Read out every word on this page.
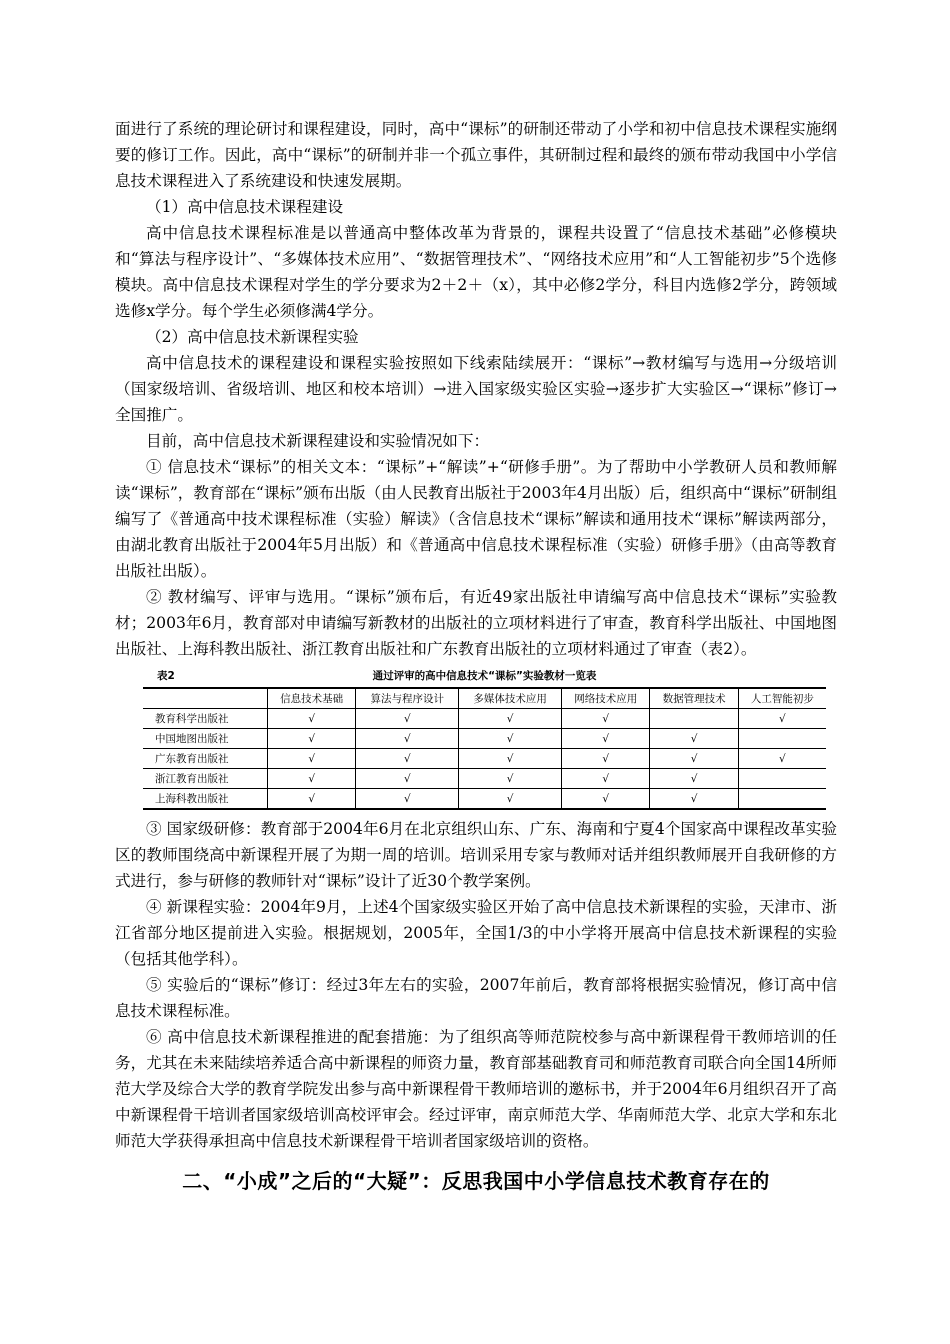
面进行了系统的理论研讨和课程建设，同时，高中“课标”的研制还带动了小学和初中信息技术课程实施纲要的修订工作。因此，高中“课标”的研制并非一个孤立事件，其研制过程和最终的颁布带动我国中小学信息技术课程进入了系统建设和快速发展期。

（1）高中信息技术课程建设

高中信息技术课程标准是以普通高中整体改革为背景的，课程共设置了“信息技术基础”必修模块和“算法与程序设计”、“多媒体技术应用”、“数据管理技术”、“网络技术应用”和“人工智能初步”5个选修模块。高中信息技术课程对学生的学分要求为2＋2＋（x），其中必修2学分，科目内选修2学分，跨领域选修x学分。每个学生必须修满4学分。

（2）高中信息技术新课程实验

高中信息技术的课程建设和课程实验按照如下线索陆续展开：“课标”→教材编写与选用→分级培训（国家级培训、省级培训、地区和校本培训）→进入国家级实验区实验→逐步扩大实验区→“课标”修订→全国推广。

目前，高中信息技术新课程建设和实验情况如下：

① 信息技术“课标”的相关文本：“课标”+“解读”+“研修手册”。为了帮助中小学教研人员和教师解读“课标”，教育部在“课标”颁布出版（由人民教育出版社于2003年4月出版）后，组织高中“课标”研制组编写了《普通高中技术课程标准（实验）解读》（含信息技术“课标”解读和通用技术“课标”解读两部分，由湖北教育出版社于2004年5月出版）和《普通高中信息技术课程标准（实验）研修手册》（由高等教育出版社出版）。

② 教材编写、评审与选用。“课标”颁布后，有近49家出版社申请编写高中信息技术“课标”实验教材；2003年6月，教育部对申请编写新教材的出版社的立项材料进行了审查，教育科学出版社、中国地图出版社、上海科教出版社、浙江教育出版社和广东教育出版社的立项材料通过了审查（表2）。

通过评审的高中信息技术“课标”实验教材一览表
表2
	信息技术基础	算法与程序设计	多媒体技术应用	网络技术应用	数据管理技术	人工智能初步
教育科学出版社	√	√	√	√		√
中国地图出版社	√	√	√	√	√	
广东教育出版社	√	√	√	√	√	√
浙江教育出版社	√	√	√	√	√	
上海科教出版社	√	√	√	√	√	

③ 国家级研修：教育部于2004年6月在北京组织山东、广东、海南和宁夏4个国家高中课程改革实验区的教师围绕高中新课程开展了为期一周的培训。培训采用专家与教师对话并组织教师展开自我研修的方式进行，参与研修的教师针对“课标”设计了近30个教学案例。

④ 新课程实验：2004年9月，上述4个国家级实验区开始了高中信息技术新课程的实验，天津市、浙江省部分地区提前进入实验。根据规划，2005年，全国1/3的中小学将开展高中信息技术新课程的实验（包括其他学科）。

⑤ 实验后的“课标”修订：经过3年左右的实验，2007年前后，教育部将根据实验情况，修订高中信息技术课程标准。

⑥ 高中信息技术新课程推进的配套措施：为了组织高等师范院校参与高中新课程骨干教师培训的任务，尤其在未来陆续培养适合高中新课程的师资力量，教育部基础教育司和师范教育司联合向全国14所师范大学及综合大学的教育学院发出参与高中新课程骨干教师培训的邀标书，并于2004年6月组织召开了高中新课程骨干培训者国家级培训高校评审会。经过评审，南京师范大学、华南师范大学、北京大学和东北师范大学获得承担高中信息技术新课程骨干培训者国家级培训的资格。

二、“小成”之后的“大疑”：反思我国中小学信息技术教育存在的
